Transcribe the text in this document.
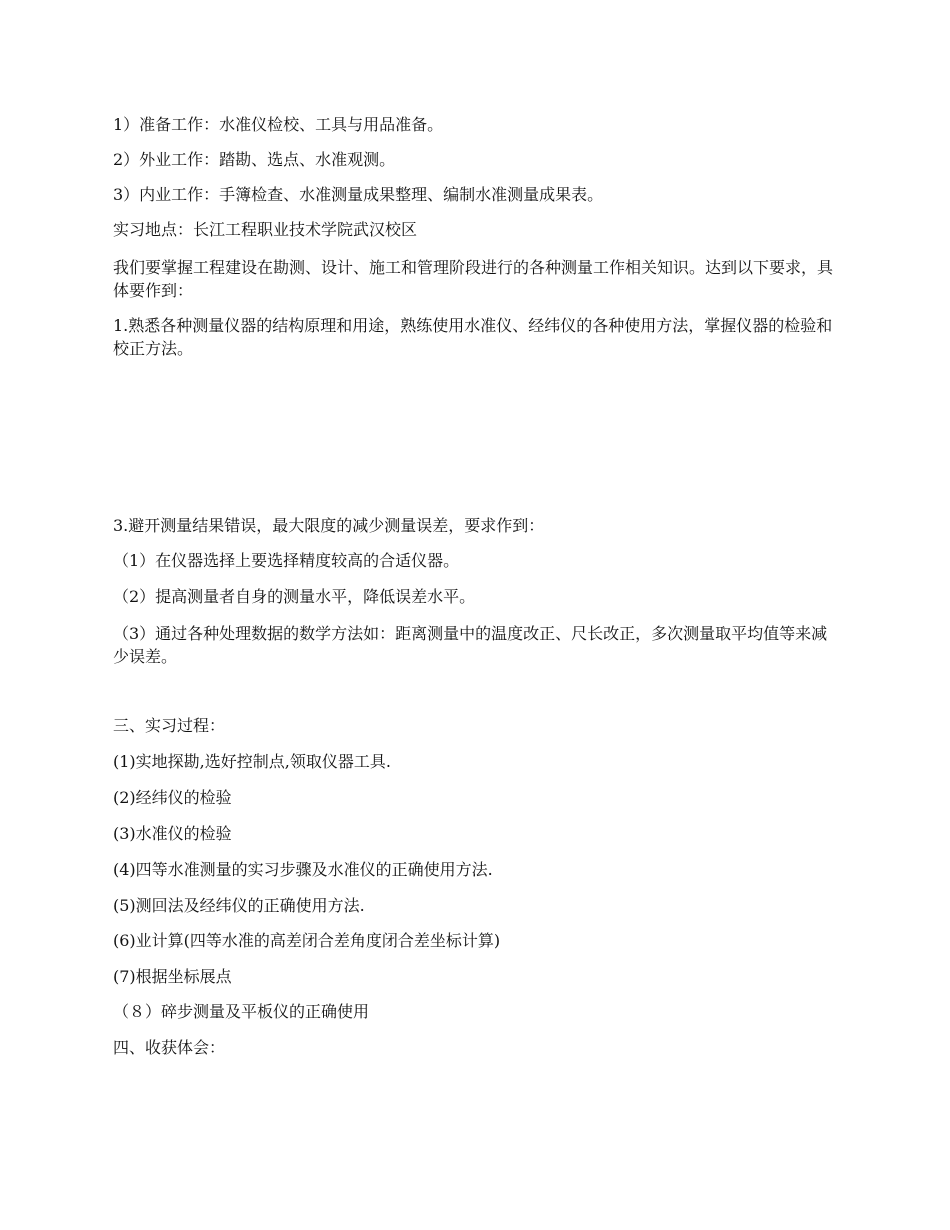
1）准备工作：水准仪检校、工具与用品准备。

2）外业工作：踏勘、选点、水准观测。

3）内业工作：手簿检查、水准测量成果整理、编制水准测量成果表。

实习地点：长江工程职业技术学院武汉校区

我们要掌握工程建设在勘测、设计、施工和管理阶段进行的各种测量工作相关知识。达到以下要求，具体要作到：

1.熟悉各种测量仪器的结构原理和用途，熟练使用水准仪、经纬仪的各种使用方法，掌握仪器的检验和校正方法。

3.避开测量结果错误，最大限度的减少测量误差，要求作到：

（1）在仪器选择上要选择精度较高的合适仪器。

（2）提高测量者自身的测量水平，降低误差水平。

（3）通过各种处理数据的数学方法如：距离测量中的温度改正、尺长改正，多次测量取平均值等来减少误差。

三、实习过程：

(1)实地探勘,选好控制点,领取仪器工具.

(2)经纬仪的检验

(3)水准仪的检验

(4)四等水准测量的实习步骤及水准仪的正确使用方法.

(5)测回法及经纬仪的正确使用方法.

(6)业计算(四等水准的高差闭合差角度闭合差坐标计算)

(7)根据坐标展点

（８）碎步测量及平板仪的正确使用

四、收获体会：
